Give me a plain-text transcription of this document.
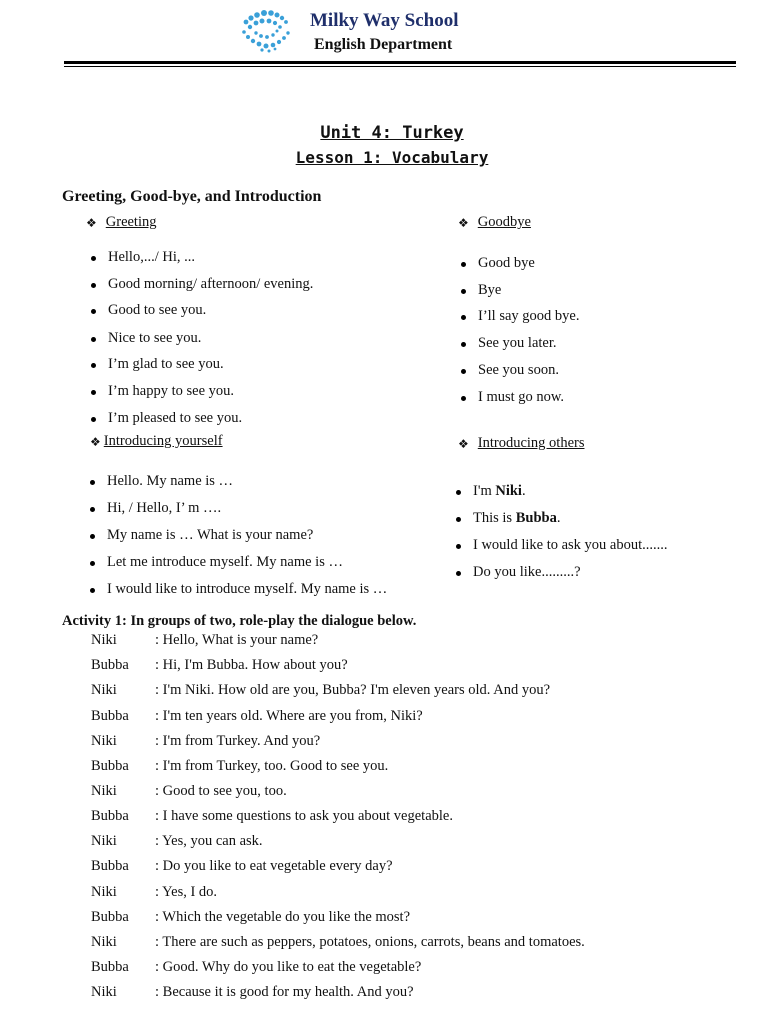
Milky Way School
English Department
Unit 4: Turkey
Lesson 1: Vocabulary
Greeting, Good-bye, and Introduction
❖ Greeting
Hello,.../ Hi, ...
Good morning/ afternoon/ evening.
Good to see you.
Nice to see you.
I’m glad to see you.
I’m happy to see you.
I’m pleased to see you.
❖ Goodbye
Good bye
Bye
I’ll say good bye.
See you later.
See you soon.
I must go now.
❖ Introducing yourself
Hello. My name is …
Hi, / Hello, I’ m ….
My name is … What is your name?
Let me introduce myself. My name is …
I would like to introduce myself. My name is …
❖ Introducing others
I'm Niki.
This is Bubba.
I would like to ask you about.......
Do you like.........?
Activity 1: In groups of two, role-play the dialogue below.
Niki	: Hello, What is your name?
Bubba : Hi, I'm Bubba. How about you?
Niki	: I'm Niki. How old are you, Bubba? I'm eleven years old. And you?
Bubba : I'm ten years old. Where are you from, Niki?
Niki	: I'm from Turkey. And you?
Bubba : I'm from Turkey, too. Good to see you.
Niki	: Good to see you, too.
Bubba : I have some questions to ask you about vegetable.
Niki	: Yes, you can ask.
Bubba : Do you like to eat vegetable every day?
Niki	: Yes, I do.
Bubba : Which the vegetable do you like the most?
Niki	: There are such as peppers, potatoes, onions, carrots, beans and tomatoes.
Bubba : Good. Why do you like to eat the vegetable?
Niki	: Because it is good for my health. And you?
